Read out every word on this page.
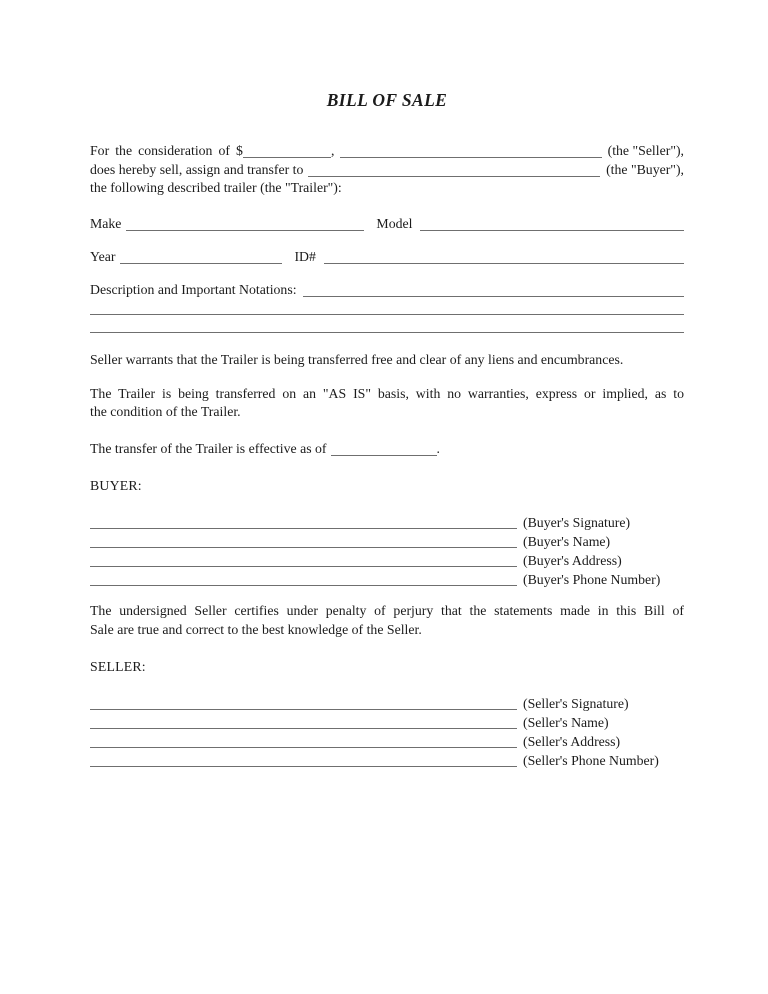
BILL OF SALE
For the consideration of $	,	(the "Seller"),
does hereby sell, assign and transfer to	(the "Buyer"),
the following described trailer (the "Trailer"):
Make	Model
Year	ID#
Description and Important Notations:
Seller warrants that the Trailer is being transferred free and clear of any liens and encumbrances.
The Trailer is being transferred on an "AS IS" basis, with no warranties, express or implied, as to
the condition of the Trailer.
The transfer of the Trailer is effective as of	.
BUYER:
(Buyer's Signature)
(Buyer's Name)
(Buyer's Address)
(Buyer's Phone Number)
The undersigned Seller certifies under penalty of perjury that the statements made in this Bill of
Sale are true and correct to the best knowledge of the Seller.
SELLER:
(Seller's Signature)
(Seller's Name)
(Seller's Address)
(Seller's Phone Number)
